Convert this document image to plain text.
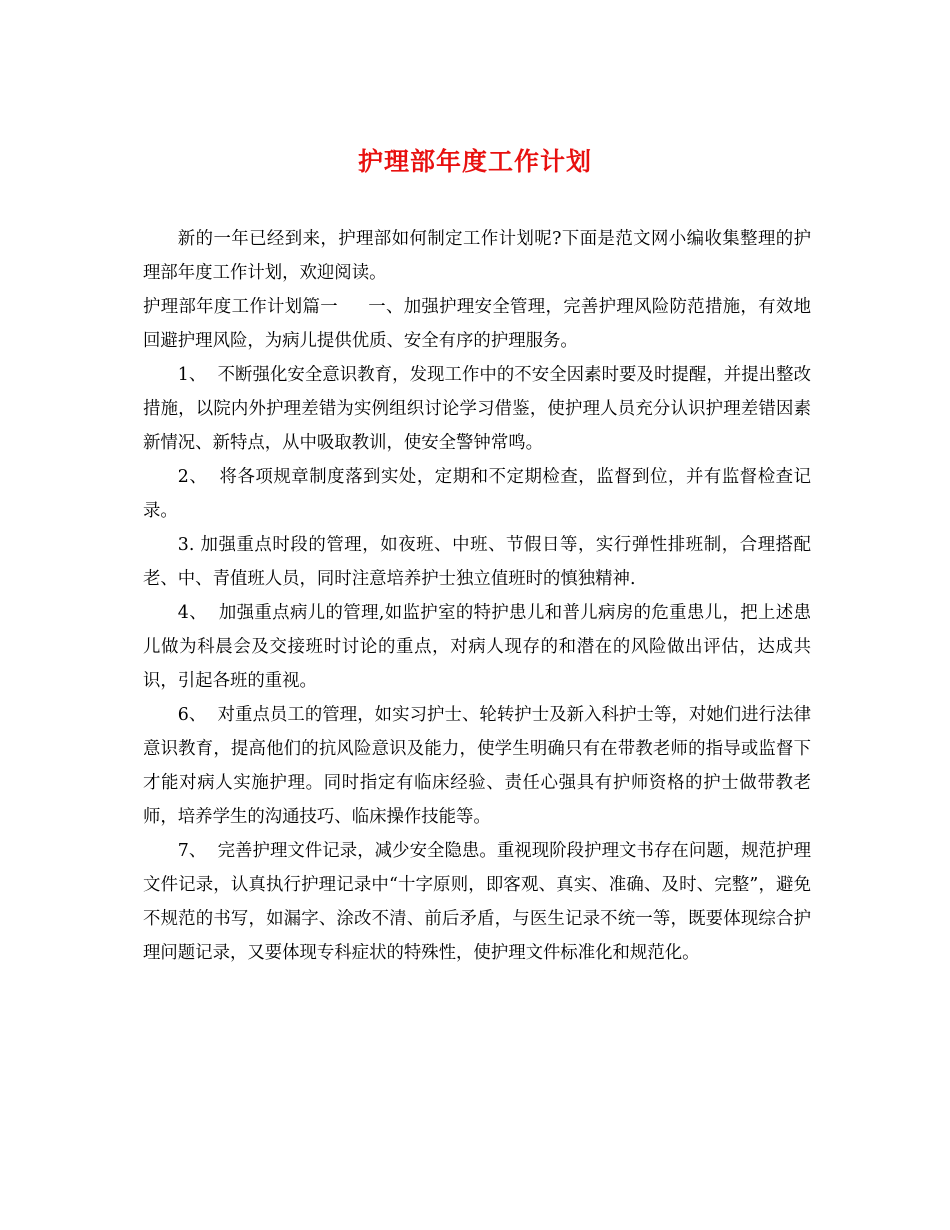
护理部年度工作计划

新的一年已经到来，护理部如何制定工作计划呢?下面是范文网小编收集整理的护理部年度工作计划，欢迎阅读。

护理部年度工作计划篇一 一、加强护理安全管理，完善护理风险防范措施，有效地回避护理风险，为病儿提供优质、安全有序的护理服务。

1、 不断强化安全意识教育，发现工作中的不安全因素时要及时提醒，并提出整改措施，以院内外护理差错为实例组织讨论学习借鉴，使护理人员充分认识护理差错因素新情况、新特点，从中吸取教训，使安全警钟常鸣。

2、 将各项规章制度落到实处，定期和不定期检查，监督到位，并有监督检查记录。

3. 加强重点时段的管理，如夜班、中班、节假日等，实行弹性排班制，合理搭配老、中、青值班人员，同时注意培养护士独立值班时的慎独精神.

4、 加强重点病儿的管理,如监护室的特护患儿和普儿病房的危重患儿，把上述患儿做为科晨会及交接班时讨论的重点，对病人现存的和潜在的风险做出评估，达成共识，引起各班的重视。

6、 对重点员工的管理，如实习护士、轮转护士及新入科护士等，对她们进行法律意识教育，提高他们的抗风险意识及能力，使学生明确只有在带教老师的指导或监督下才能对病人实施护理。同时指定有临床经验、责任心强具有护师资格的护士做带教老师，培养学生的沟通技巧、临床操作技能等。

7、 完善护理文件记录，减少安全隐患。重视现阶段护理文书存在问题，规范护理文件记录，认真执行护理记录中“十字原则，即客观、真实、准确、及时、完整”，避免不规范的书写，如漏字、涂改不清、前后矛盾，与医生记录不统一等，既要体现综合护理问题记录，又要体现专科症状的特殊性，使护理文件标准化和规范化。
